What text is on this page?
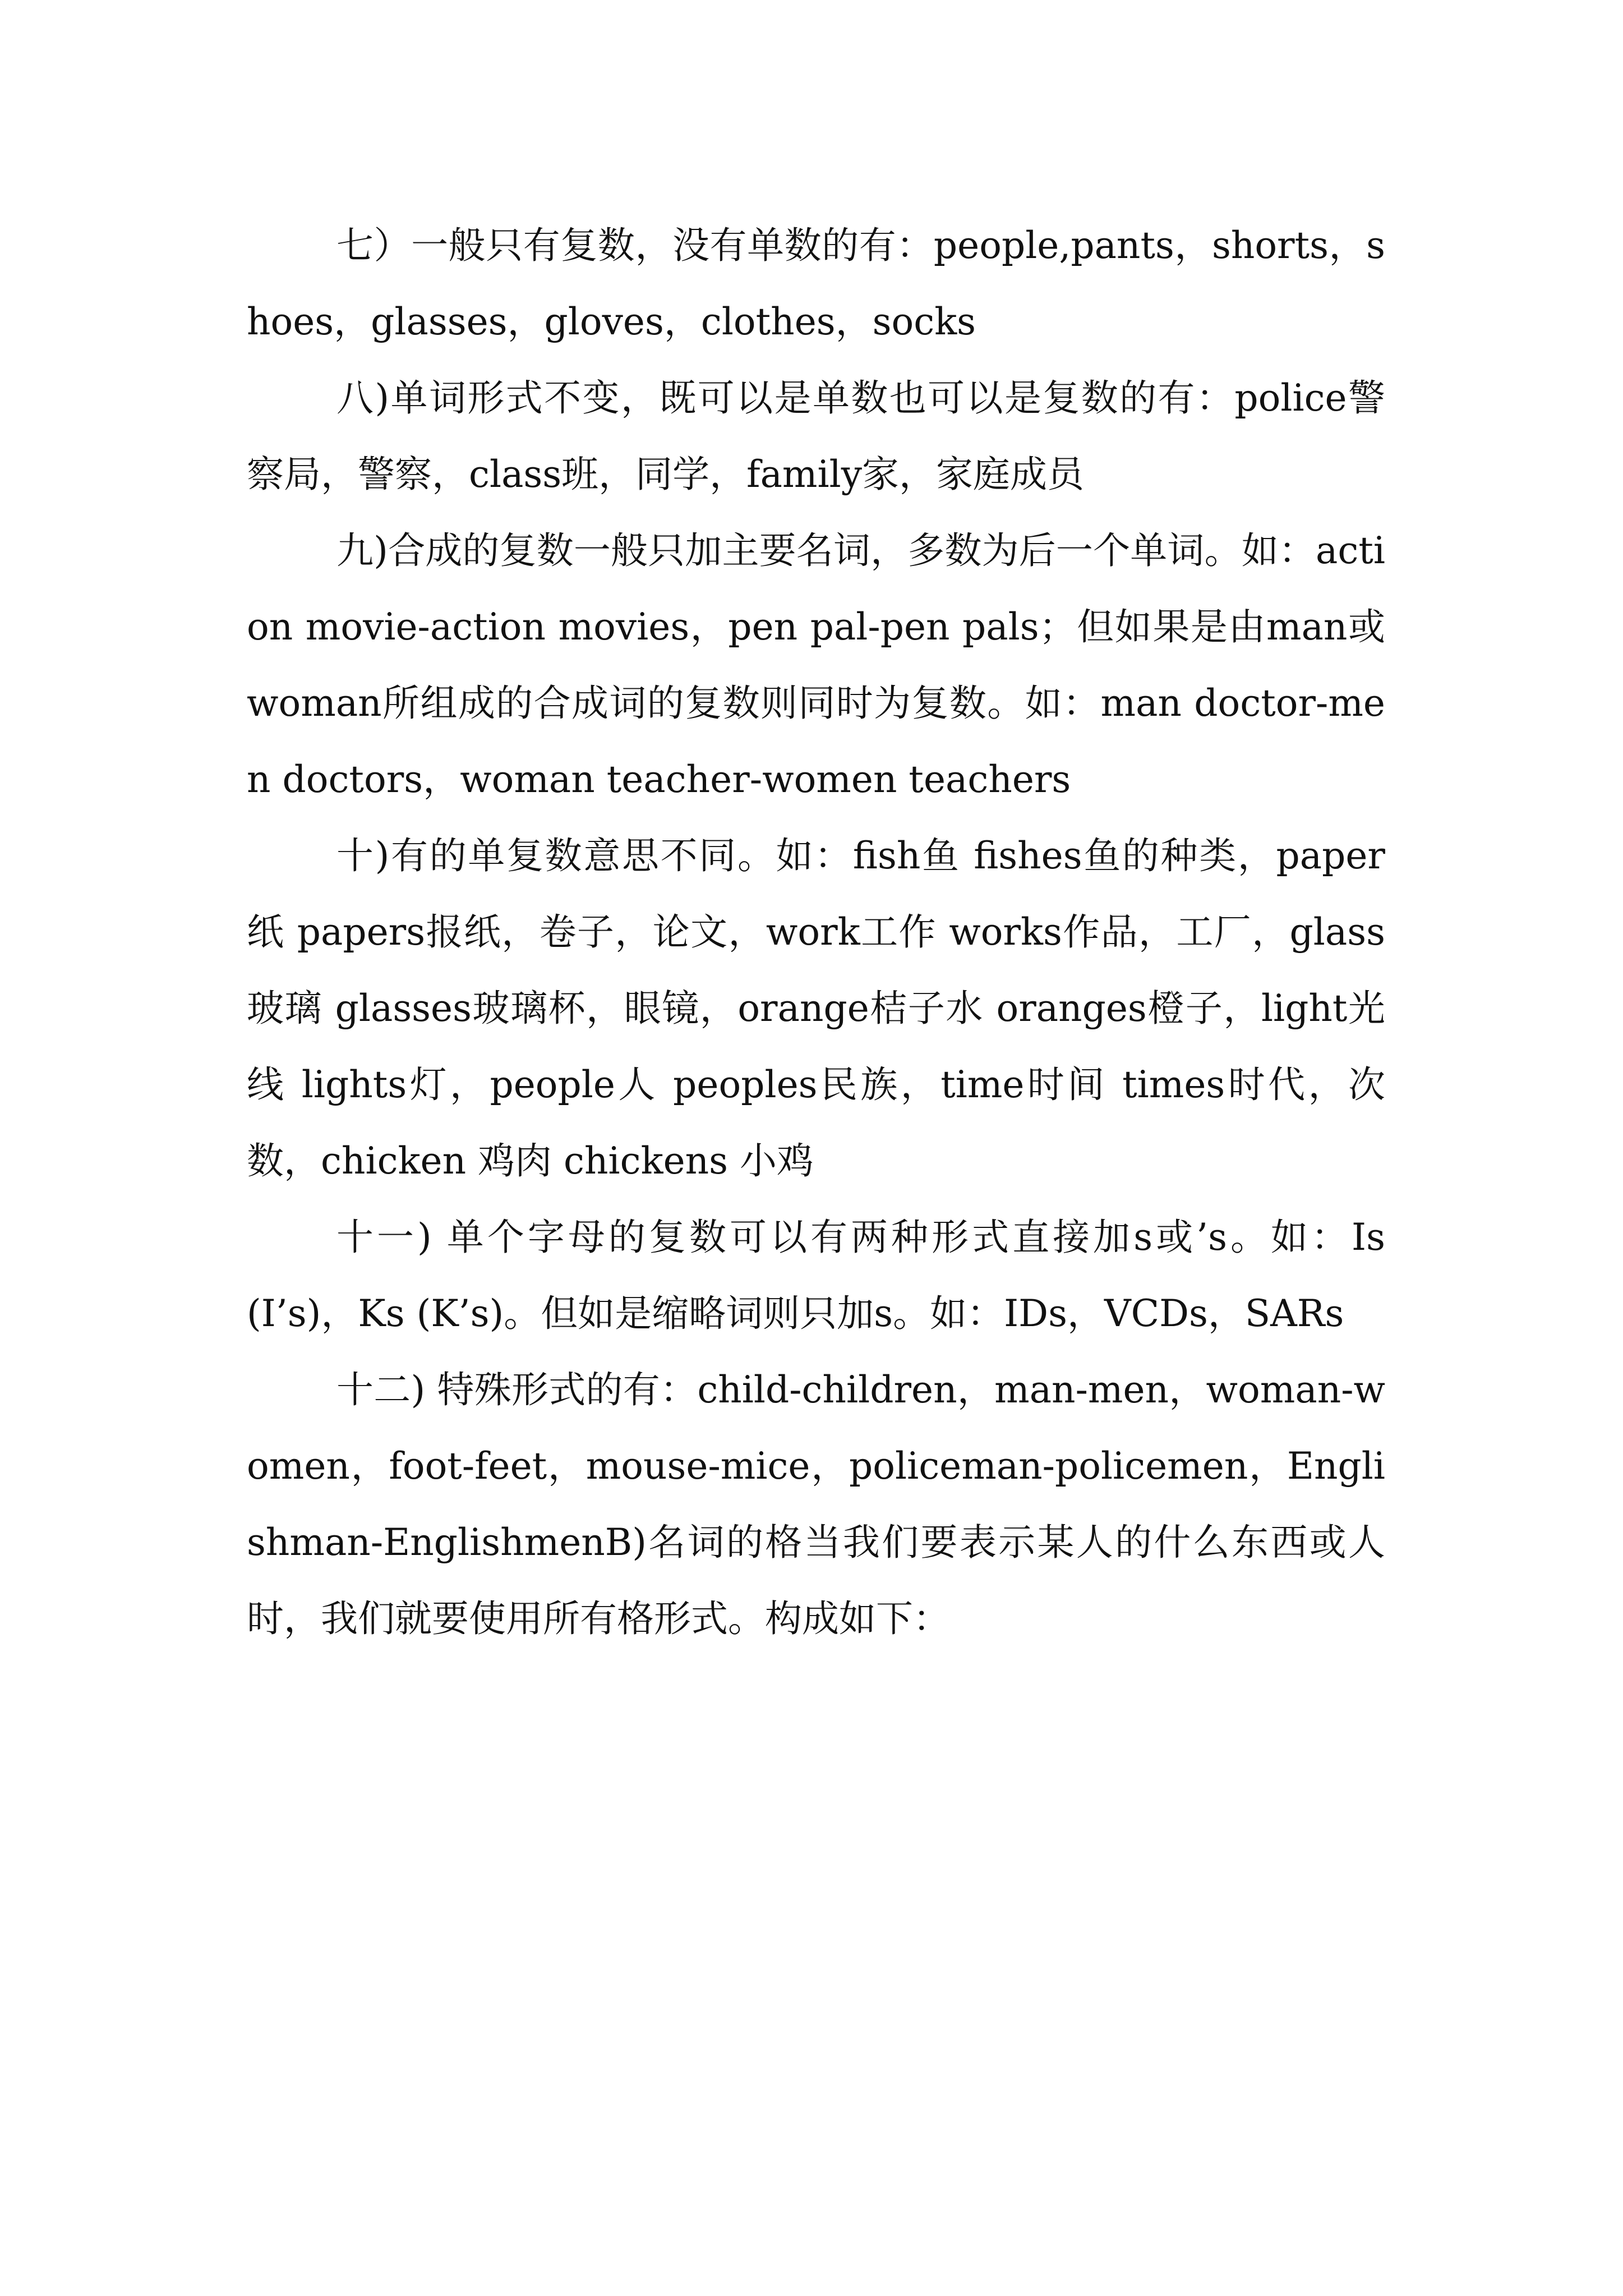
七）一般只有复数，没有单数的有：people,pants，shorts，shoes，glasses，gloves，clothes，socks

八)单词形式不变，既可以是单数也可以是复数的有：police警察局，警察，class班，同学，family家，家庭成员

九)合成的复数一般只加主要名词，多数为后一个单词。如：action movie-action movies，pen pal-pen pals；但如果是由man或woman所组成的合成词的复数则同时为复数。如：man doctor-men doctors，woman teacher-women teachers

十)有的单复数意思不同。如：fish鱼 fishes鱼的种类，paper纸 papers报纸，卷子，论文，work工作 works作品，工厂，glass玻璃 glasses玻璃杯，眼镜，orange桔子水 oranges橙子，light光线 lights灯，people人 peoples民族，time时间 times时代，次数，chicken 鸡肉 chickens 小鸡

十一) 单个字母的复数可以有两种形式直接加s或’s。如：Is (I’s)，Ks (K’s)。但如是缩略词则只加s。如：IDs，VCDs，SARs

十二) 特殊形式的有：child-children，man-men，woman-women，foot-feet，mouse-mice，policeman-policemen，Englishman-EnglishmenB)名词的格当我们要表示某人的什么东西或人时，我们就要使用所有格形式。构成如下：
